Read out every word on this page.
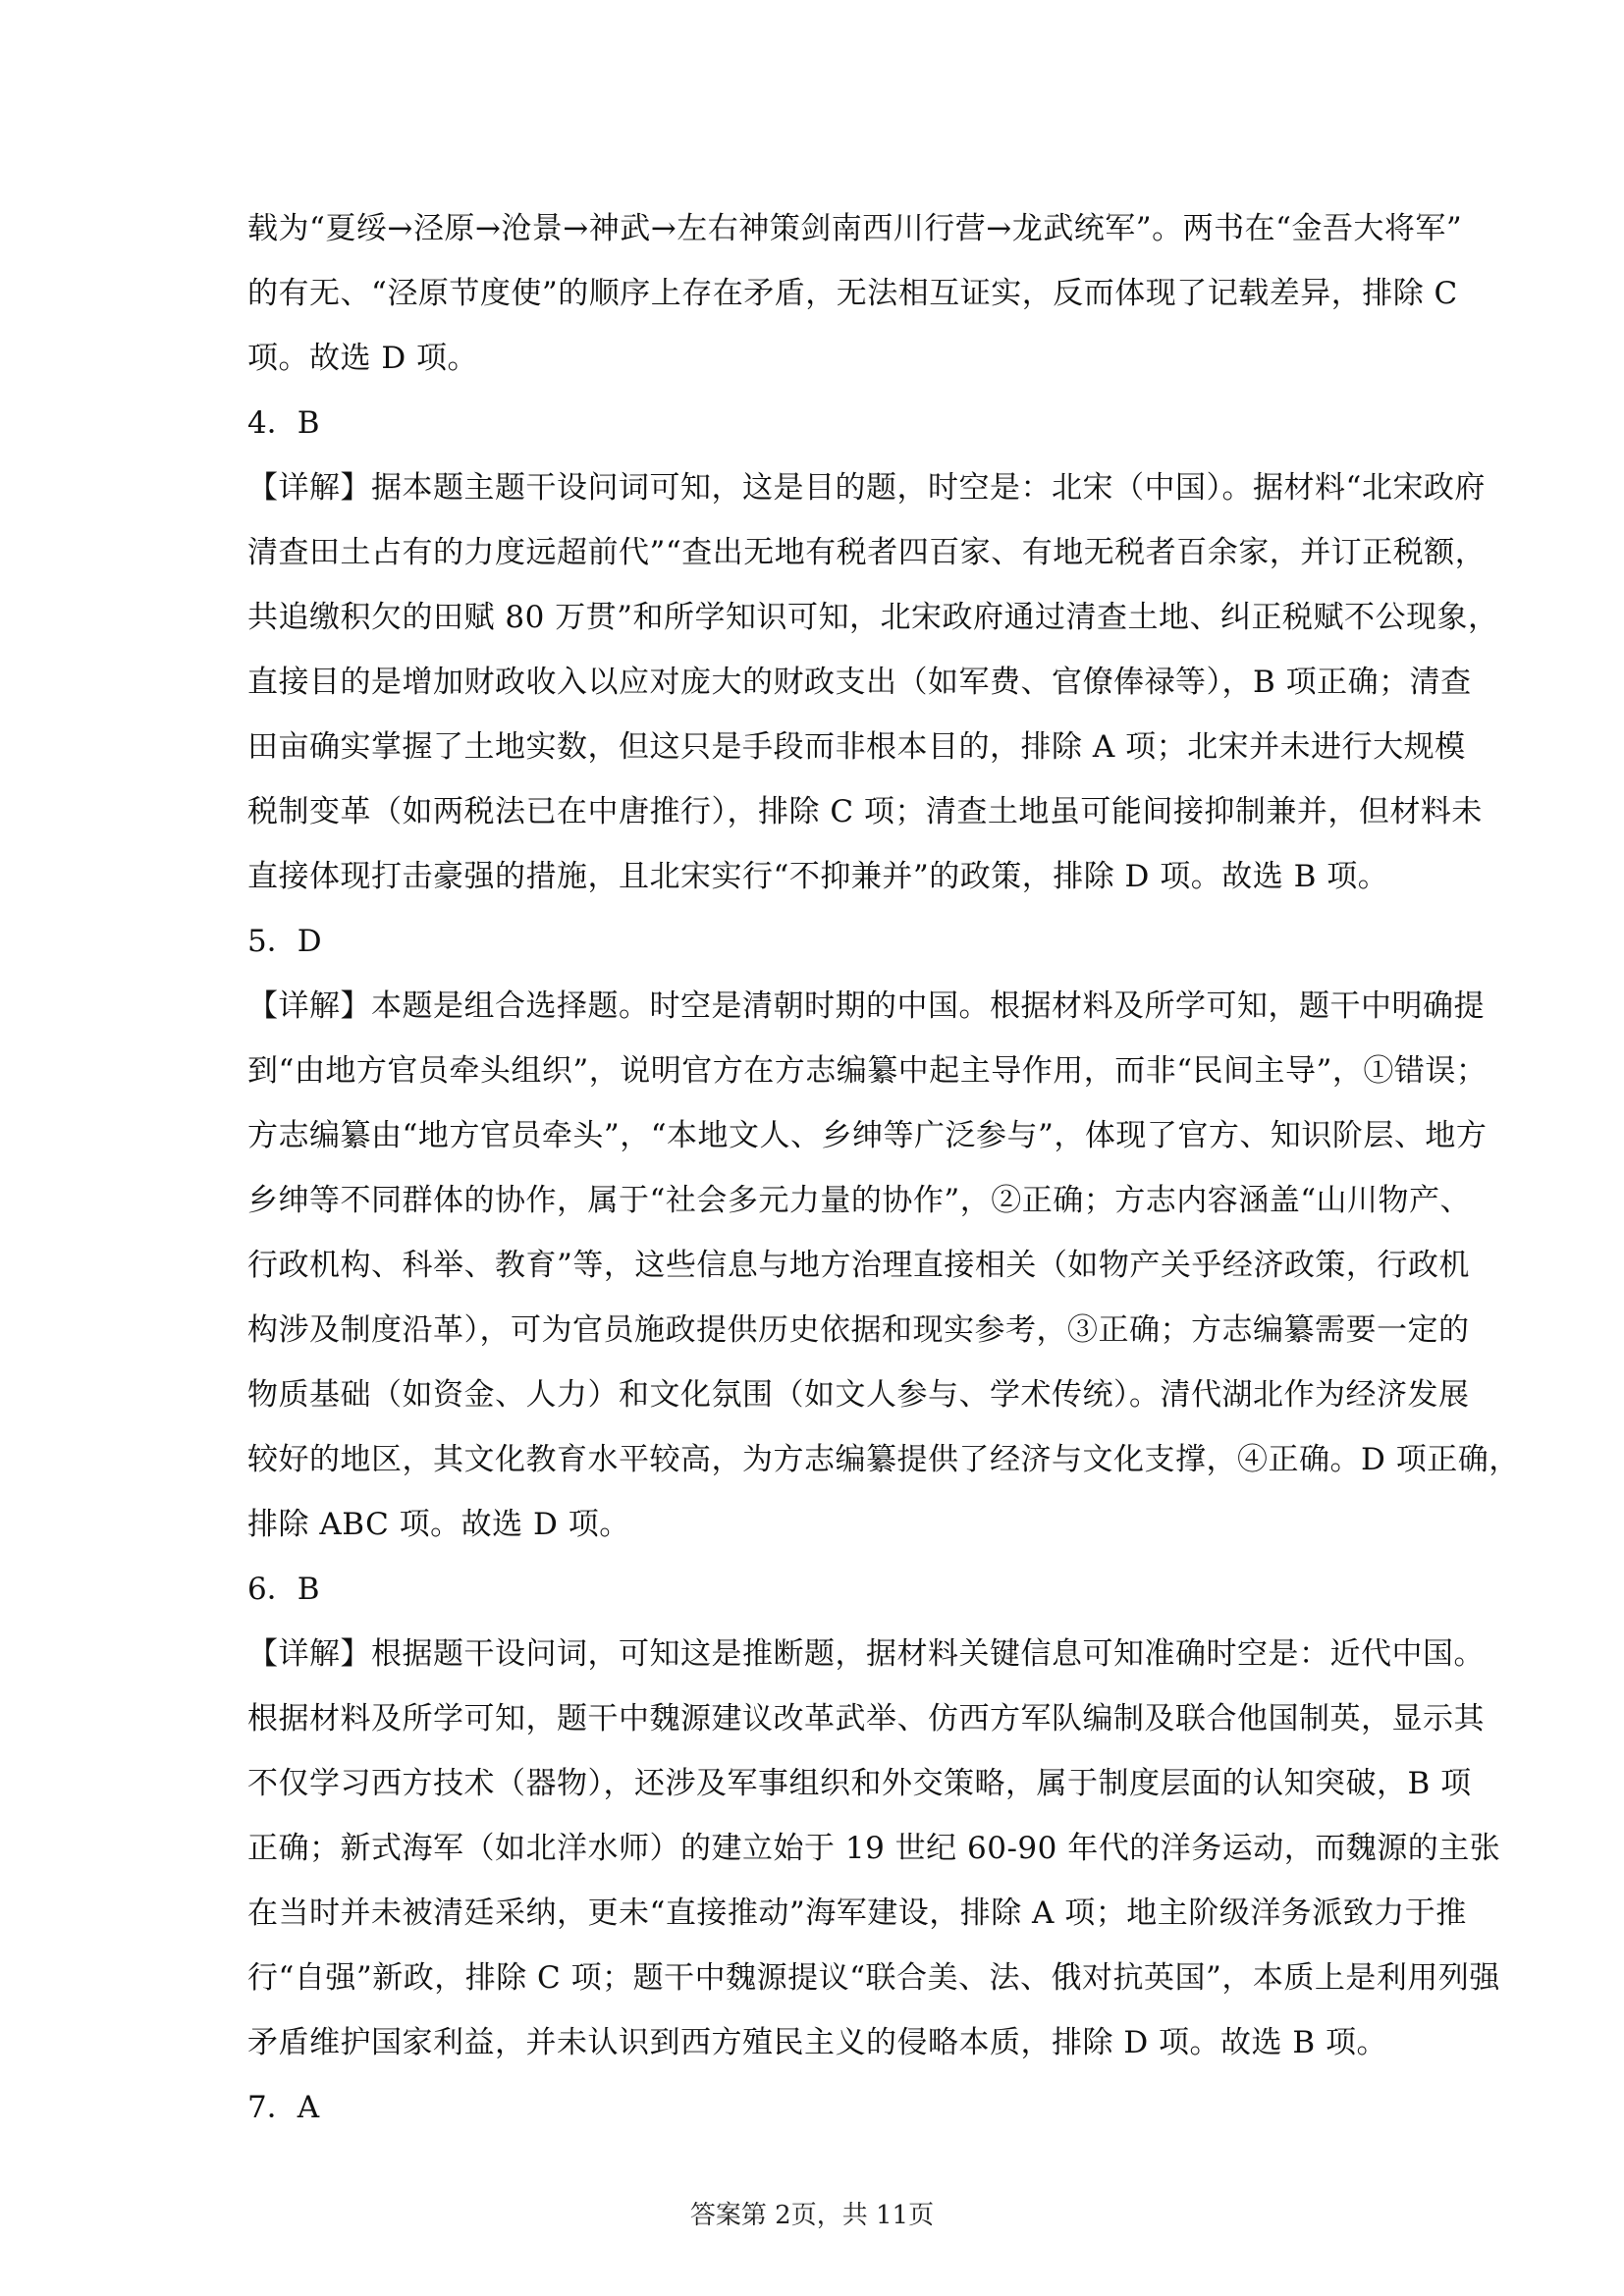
载为“夏绥→泾原→沧景→神武→左右神策剑南西川行营→龙武统军”。两书在“金吾大将军”
的有无、“泾原节度使”的顺序上存在矛盾，无法相互证实，反而体现了记载差异，排除 C
项。故选 D 项。
4．B
【详解】据本题主题干设问词可知，这是目的题，时空是：北宋（中国）。据材料“北宋政府
清查田土占有的力度远超前代”“查出无地有税者四百家、有地无税者百余家，并订正税额，
共追缴积欠的田赋 80 万贯”和所学知识可知，北宋政府通过清查土地、纠正税赋不公现象，
直接目的是增加财政收入以应对庞大的财政支出（如军费、官僚俸禄等），B 项正确；清查
田亩确实掌握了土地实数，但这只是手段而非根本目的，排除 A 项；北宋并未进行大规模
税制变革（如两税法已在中唐推行），排除 C 项；清查土地虽可能间接抑制兼并，但材料未
直接体现打击豪强的措施，且北宋实行“不抑兼并”的政策，排除 D 项。故选 B 项。
5．D
【详解】本题是组合选择题。时空是清朝时期的中国。根据材料及所学可知，题干中明确提
到“由地方官员牵头组织”，说明官方在方志编纂中起主导作用，而非“民间主导”，①错误；
方志编纂由“地方官员牵头”，“本地文人、乡绅等广泛参与”，体现了官方、知识阶层、地方
乡绅等不同群体的协作，属于“社会多元力量的协作”，②正确；方志内容涵盖“山川物产、
行政机构、科举、教育”等，这些信息与地方治理直接相关（如物产关乎经济政策，行政机
构涉及制度沿革），可为官员施政提供历史依据和现实参考，③正确；方志编纂需要一定的
物质基础（如资金、人力）和文化氛围（如文人参与、学术传统）。清代湖北作为经济发展
较好的地区，其文化教育水平较高，为方志编纂提供了经济与文化支撑，④正确。D 项正确，
排除 ABC 项。故选 D 项。
6．B
【详解】根据题干设问词，可知这是推断题，据材料关键信息可知准确时空是：近代中国。
根据材料及所学可知，题干中魏源建议改革武举、仿西方军队编制及联合他国制英，显示其
不仅学习西方技术（器物），还涉及军事组织和外交策略，属于制度层面的认知突破，B 项
正确；新式海军（如北洋水师）的建立始于 19 世纪 60-90 年代的洋务运动，而魏源的主张
在当时并未被清廷采纳，更未“直接推动”海军建设，排除 A 项；地主阶级洋务派致力于推
行“自强”新政，排除 C 项；题干中魏源提议“联合美、法、俄对抗英国”，本质上是利用列强
矛盾维护国家利益，并未认识到西方殖民主义的侵略本质，排除 D 项。故选 B 项。
7．A
答案第 2页，共 11页
